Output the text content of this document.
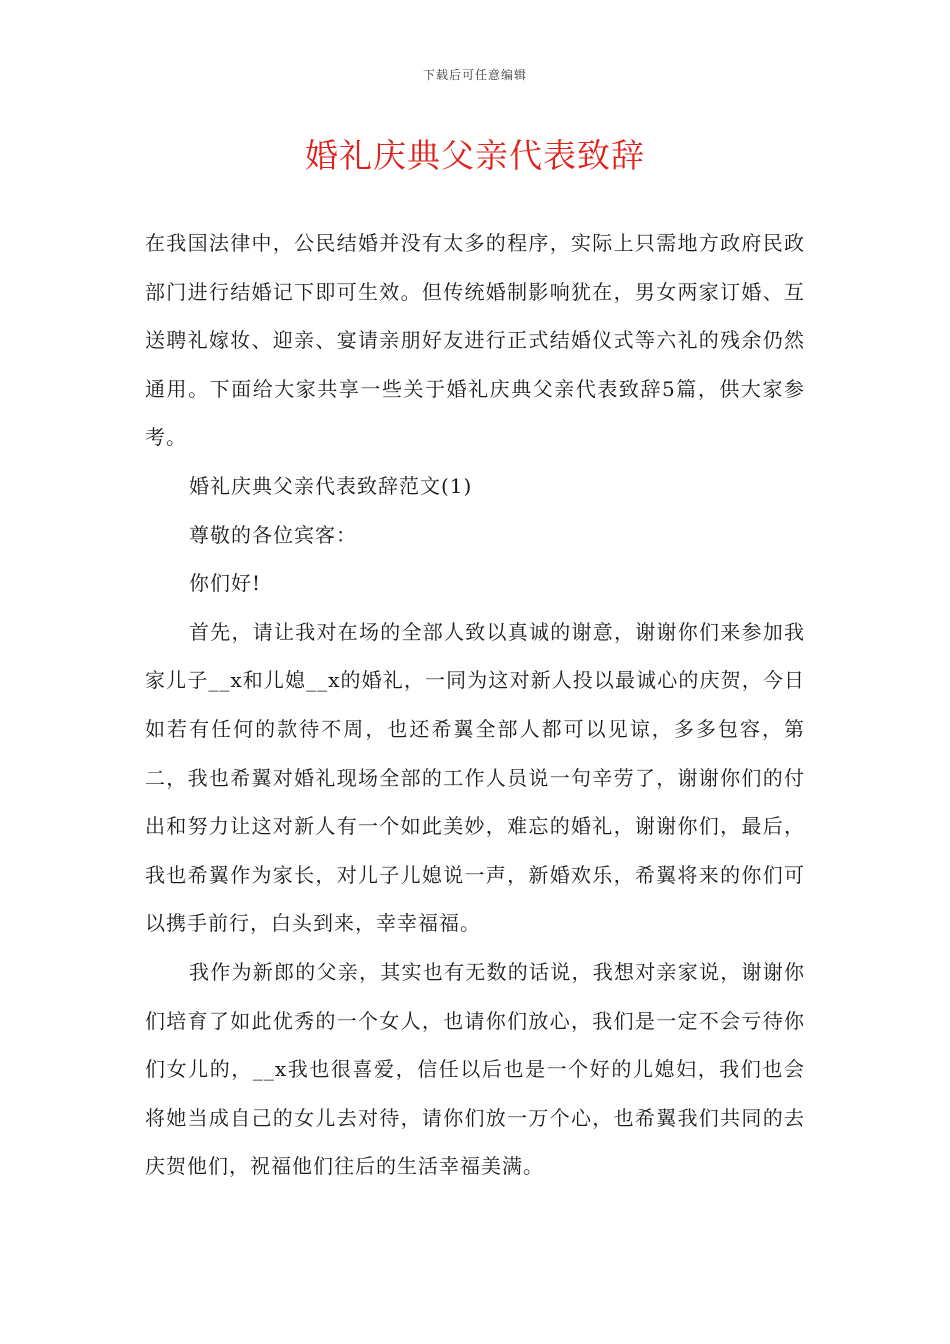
下载后可任意编辑
婚礼庆典父亲代表致辞

在我国法律中，公民结婚并没有太多的程序，实际上只需地方政府民政部门进行结婚记下即可生效。但传统婚制影响犹在，男女两家订婚、互送聘礼嫁妆、迎亲、宴请亲朋好友进行正式结婚仪式等六礼的残余仍然通用。下面给大家共享一些关于婚礼庆典父亲代表致辞5篇，供大家参考。

婚礼庆典父亲代表致辞范文(1)

尊敬的各位宾客：

你们好!

首先，请让我对在场的全部人致以真诚的谢意，谢谢你们来参加我家儿子__x和儿媳__x的婚礼，一同为这对新人投以最诚心的庆贺，今日如若有任何的款待不周，也还希翼全部人都可以见谅，多多包容，第二，我也希翼对婚礼现场全部的工作人员说一句辛劳了，谢谢你们的付出和努力让这对新人有一个如此美妙，难忘的婚礼，谢谢你们，最后，我也希翼作为家长，对儿子儿媳说一声，新婚欢乐，希翼将来的你们可以携手前行，白头到来，幸幸福福。

我作为新郎的父亲，其实也有无数的话说，我想对亲家说，谢谢你们培育了如此优秀的一个女人，也请你们放心，我们是一定不会亏待你们女儿的，__x我也很喜爱，信任以后也是一个好的儿媳妇，我们也会将她当成自己的女儿去对待，请你们放一万个心，也希翼我们共同的去庆贺他们，祝福他们往后的生活幸福美满。
